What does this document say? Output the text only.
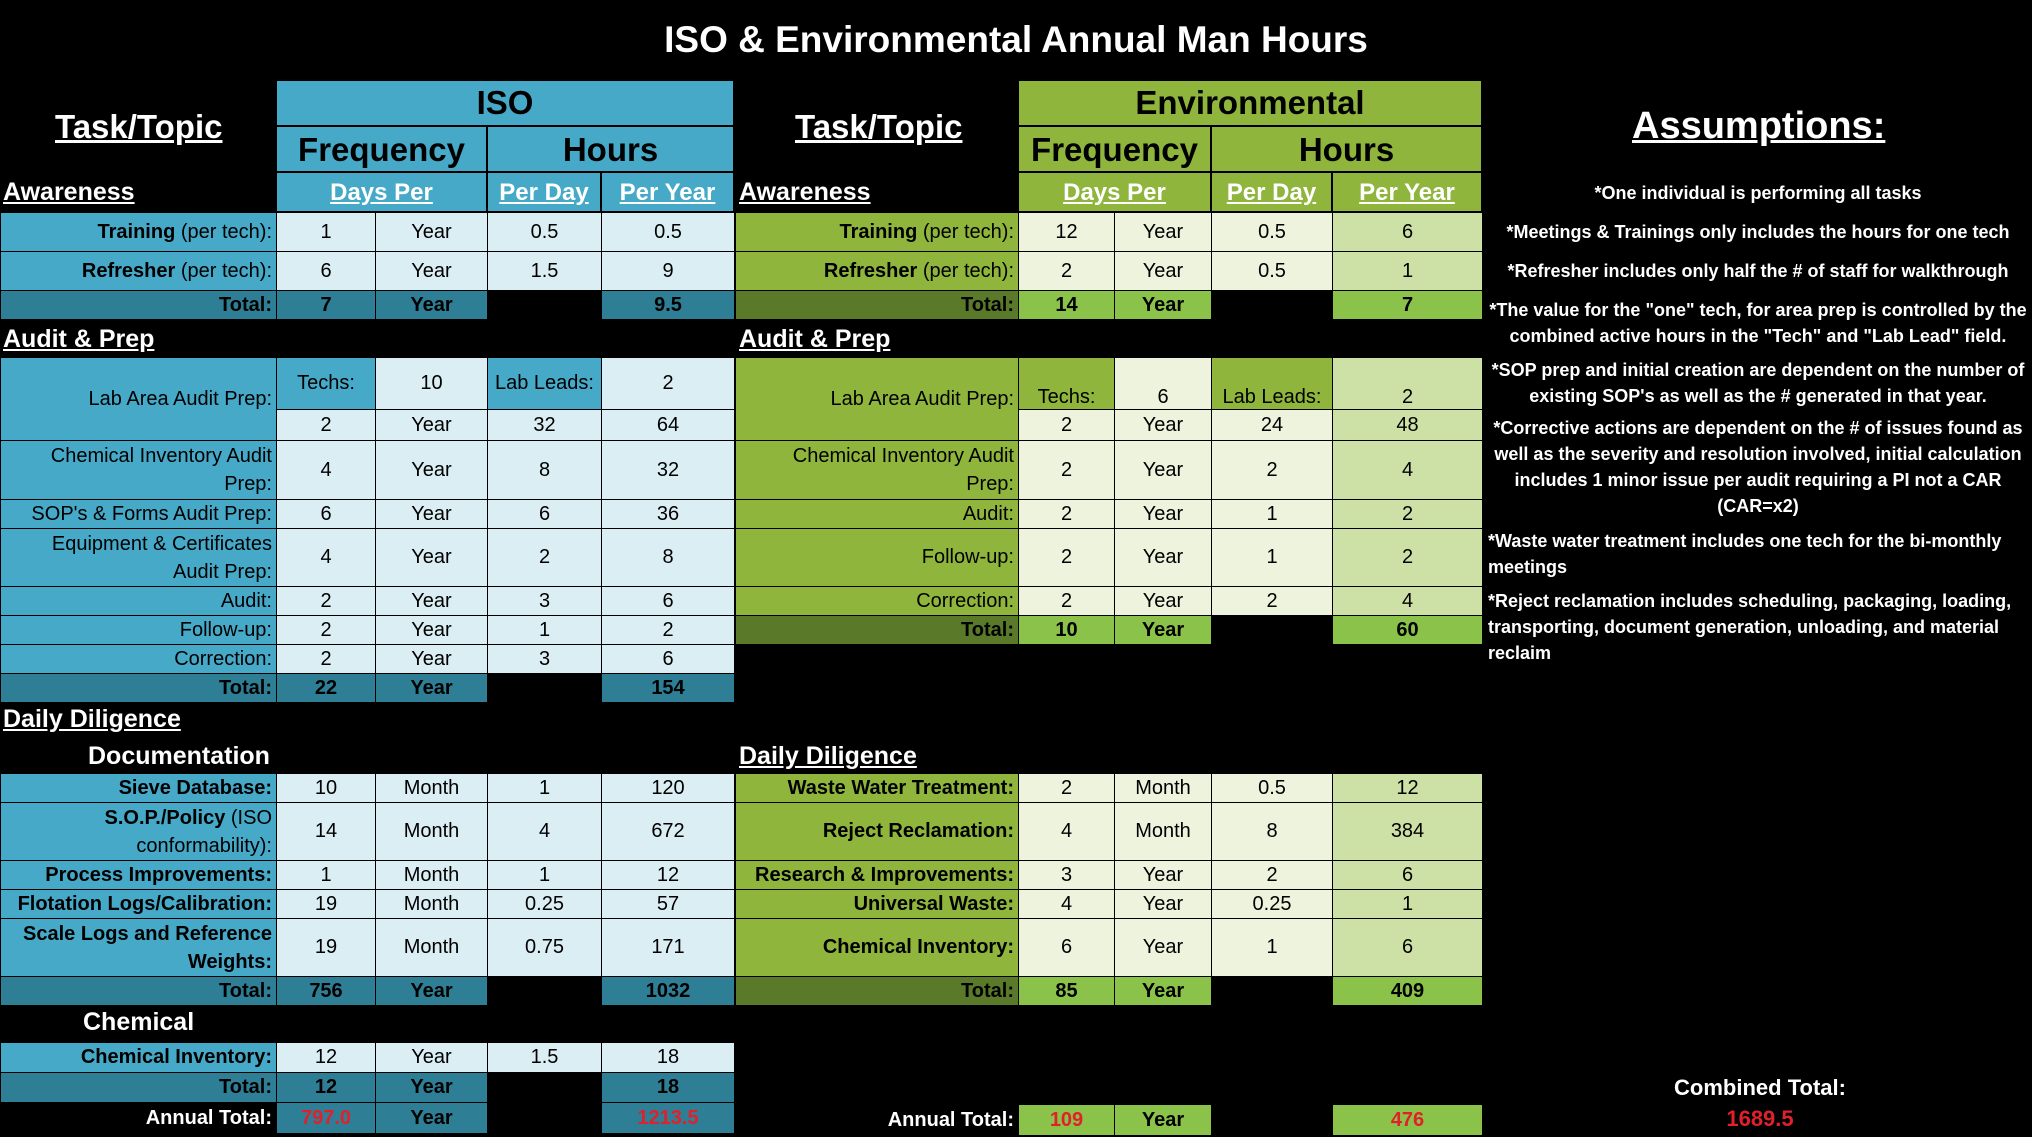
ISO & Environmental Annual Man Hours
Task/Topic
ISO
Frequency	Hours
Days Per	Per Day	Per Year
Awareness
Training (per tech):	1	Year	0.5	0.5
Refresher (per tech):	6	Year	1.5	9
Total:	7	Year		9.5
Audit & Prep
Lab Area Audit Prep:	Techs:	10	Lab Leads:	2
	2	Year	32	64
Chemical Inventory Audit Prep:	4	Year	8	32
SOP's & Forms Audit Prep:	6	Year	6	36
Equipment & Certificates Audit Prep:	4	Year	2	8
Audit:	2	Year	3	6
Follow-up:	2	Year	1	2
Correction:	2	Year	3	6
Total:	22	Year		154
Daily Diligence
Documentation
Sieve Database:	10	Month	1	120
S.O.P./Policy (ISO conformability):	14	Month	4	672
Process Improvements:	1	Month	1	12
Flotation Logs/Calibration:	19	Month	0.25	57
Scale Logs and Reference Weights:	19	Month	0.75	171
Total:	756	Year		1032
Chemical
Chemical Inventory:	12	Year	1.5	18
Total:	12	Year		18
Annual Total:	797.0	Year		1213.5
Task/Topic
Environmental
Frequency	Hours
Days Per	Per Day	Per Year
Awareness
Training (per tech):	12	Year	0.5	6
Refresher (per tech):	2	Year	0.5	1
Total:	14	Year		7
Audit & Prep
Lab Area Audit Prep:	Techs:	6	Lab Leads:	2
	2	Year	24	48
Chemical Inventory Audit Prep:	2	Year	2	4
Audit:	2	Year	1	2
Follow-up:	2	Year	1	2
Correction:	2	Year	2	4
Total:	10	Year		60
Daily Diligence
Waste Water Treatment:	2	Month	0.5	12
Reject Reclamation:	4	Month	8	384
Research & Improvements:	3	Year	2	6
Universal Waste:	4	Year	0.25	1
Chemical Inventory:	6	Year	1	6
Total:	85	Year		409
Annual Total:	109	Year		476
Assumptions:
*One individual is performing all tasks
*Meetings & Trainings only includes the hours for one tech
*Refresher includes only half the # of staff for walkthrough
*The value for the "one" tech, for area prep is controlled by the combined active hours in the "Tech" and "Lab Lead" field.
*SOP prep and initial creation are dependent on the number of existing SOP's as well as the # generated in that year.
*Corrective actions are dependent on the # of issues found as well as the severity and resolution involved, initial calculation includes 1 minor issue per audit requiring a PI not a CAR (CAR=x2)
*Waste water treatment includes one tech for the bi-monthly meetings
*Reject reclamation includes scheduling, packaging, loading, transporting, document generation, unloading, and material reclaim
Combined Total:
1689.5
